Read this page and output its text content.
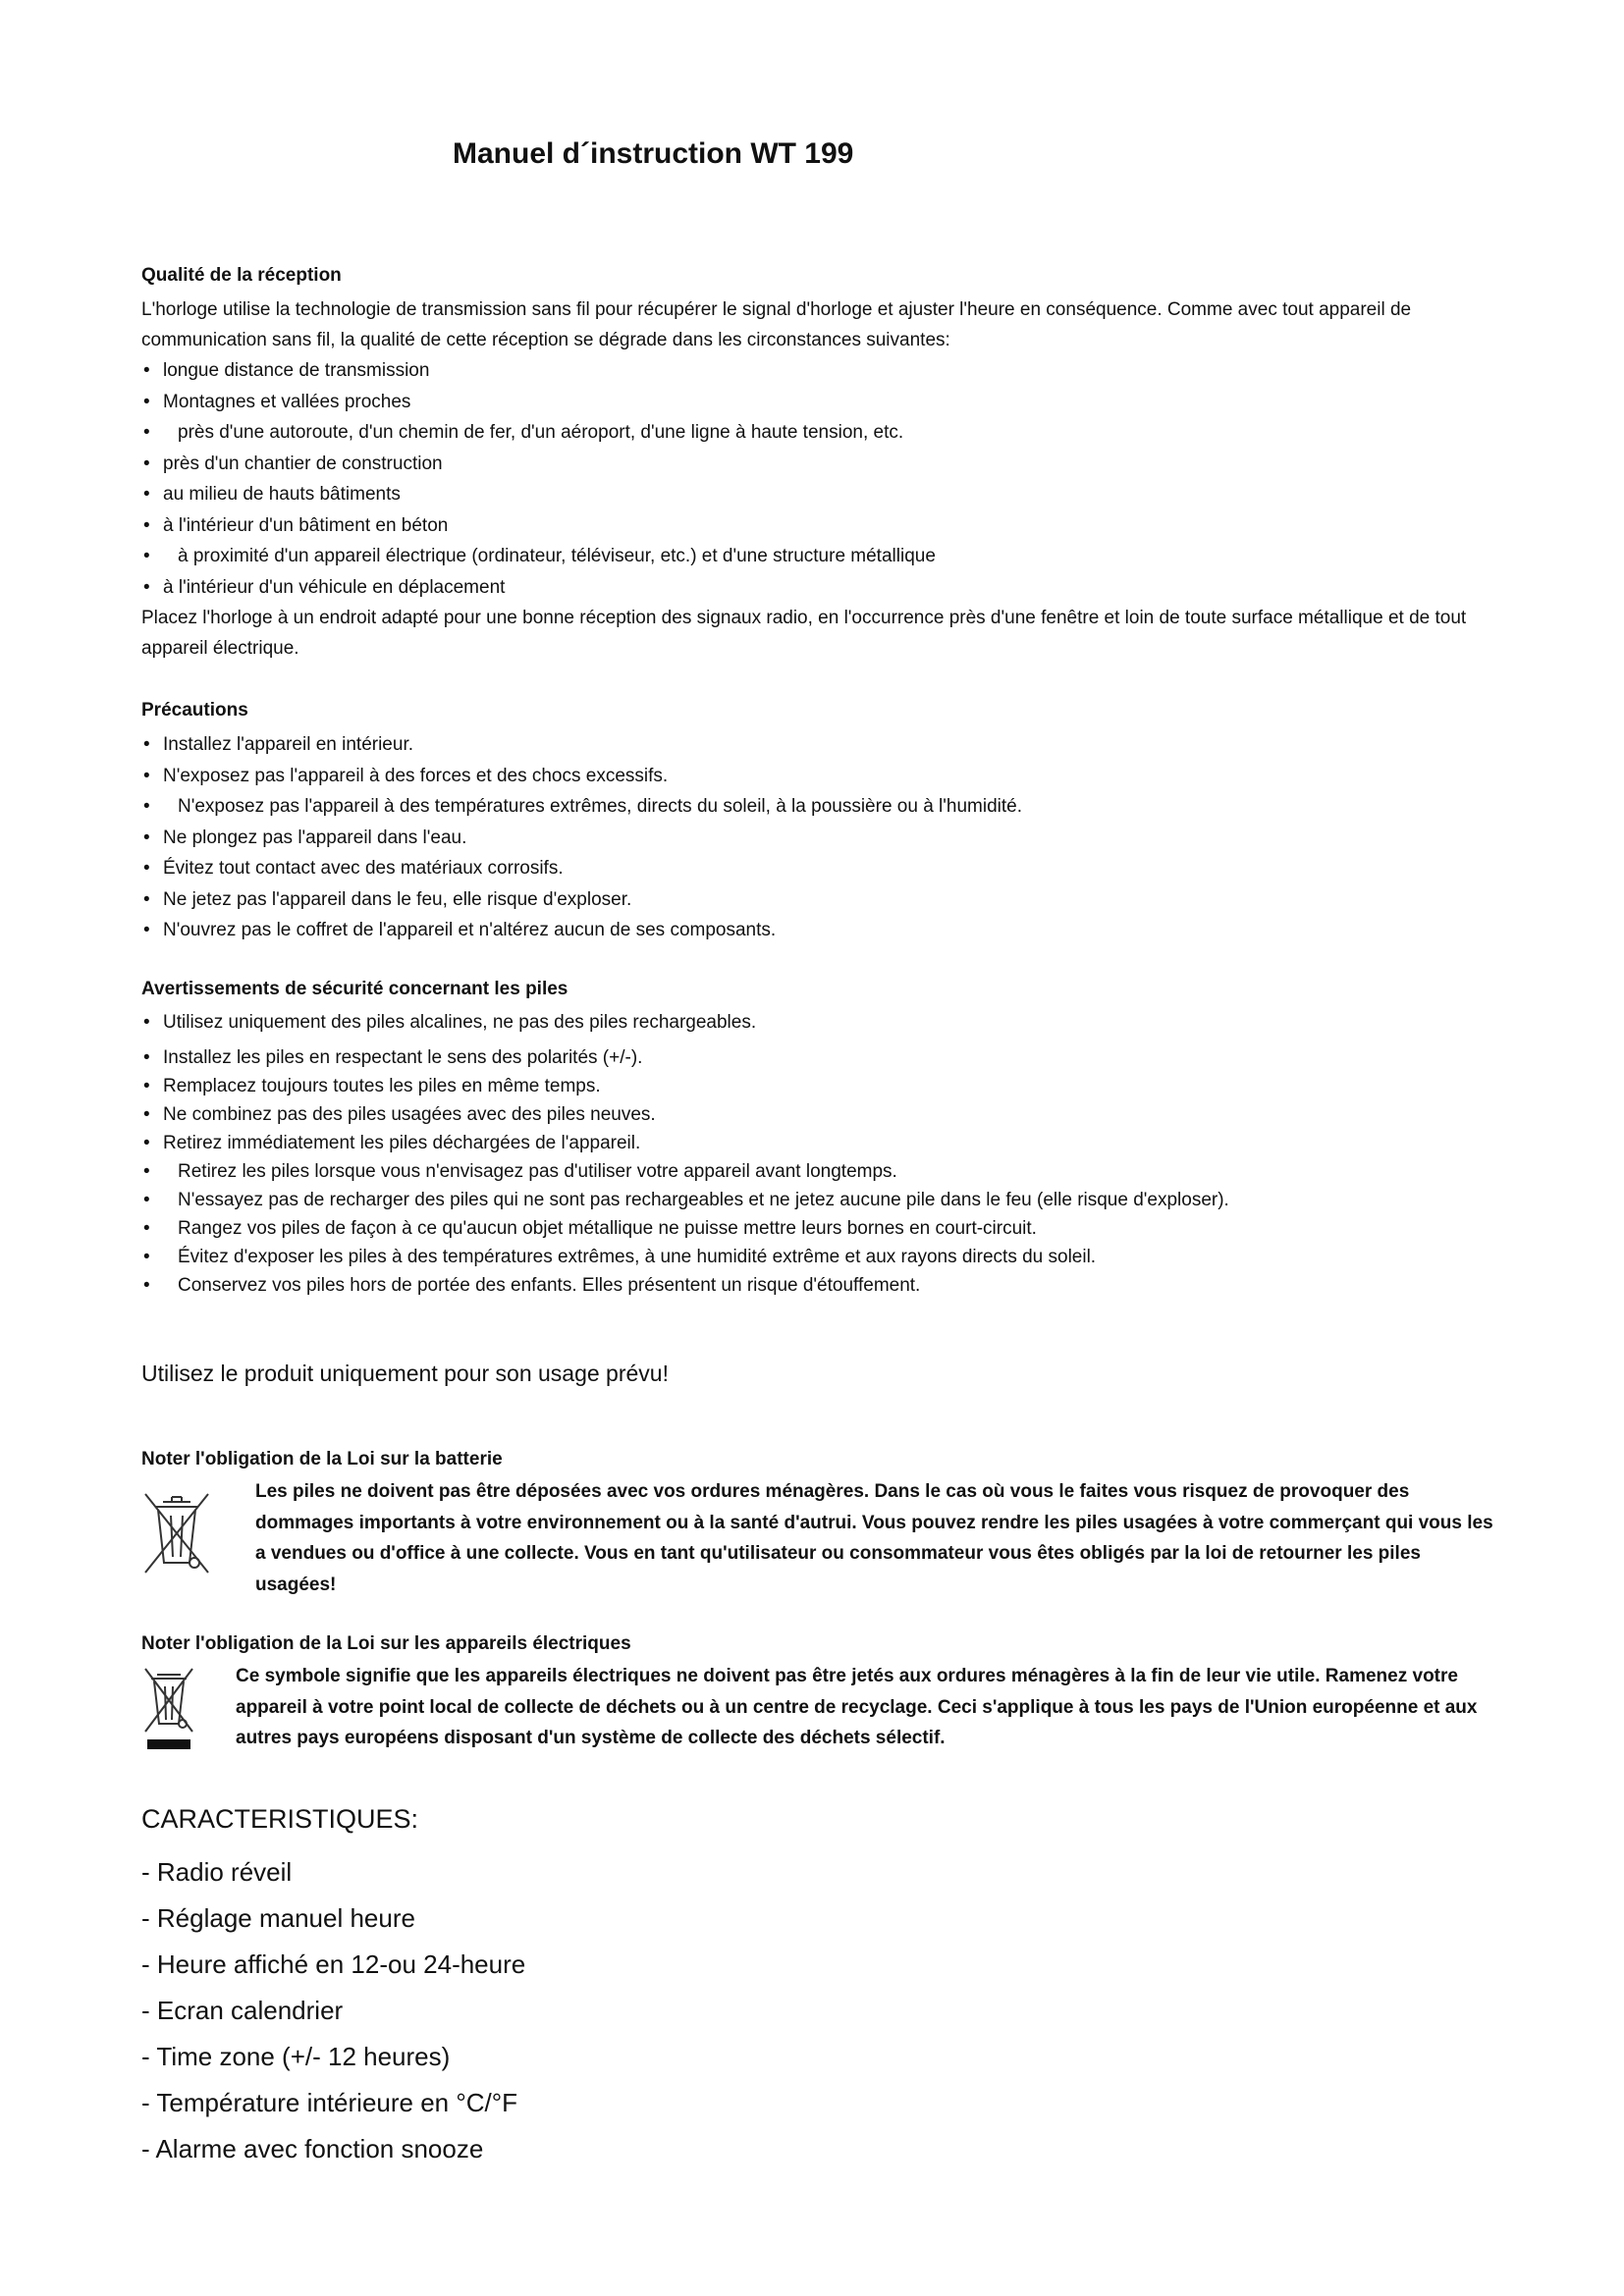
Manuel d´instruction WT 199
Qualité de la réception

L'horloge utilise la technologie de transmission sans fil pour récupérer le signal d'horloge et ajuster l'heure en conséquence. Comme avec tout appareil de communication sans fil, la qualité de cette réception se dégrade dans les circonstances suivantes:

• longue distance de transmission
• Montagnes et vallées proches
• près d'une autoroute, d'un chemin de fer, d'un aéroport, d'une ligne à haute tension, etc.
• près d'un chantier de construction
• au milieu de hauts bâtiments
• à l'intérieur d'un bâtiment en béton
• à proximité d'un appareil électrique (ordinateur, téléviseur, etc.) et d'une structure métallique
• à l'intérieur d'un véhicule en déplacement

Placez l'horloge à un endroit adapté pour une bonne réception des signaux radio, en l'occurrence près d'une fenêtre et loin de toute surface métallique et de tout appareil électrique.

Précautions
• Installez l'appareil en intérieur.
• N'exposez pas l'appareil à des forces et des chocs excessifs.
• N'exposez pas l'appareil à des températures extrêmes, directs du soleil, à la poussière ou à l'humidité.
• Ne plongez pas l'appareil dans l'eau.
• Évitez tout contact avec des matériaux corrosifs.
• Ne jetez pas l'appareil dans le feu, elle risque d'exploser.
• N'ouvrez pas le coffret de l'appareil et n'altérez aucun de ses composants.
Avertissements de sécurité concernant les piles
• Utilisez uniquement des piles alcalines, ne pas des piles rechargeables.
• Installez les piles en respectant le sens des polarités (+/-).
• Remplacez toujours toutes les piles en même temps.
• Ne combinez pas des piles usagées avec des piles neuves.
• Retirez immédiatement les piles déchargées de l'appareil.
• Retirez les piles lorsque vous n'envisagez pas d'utiliser votre appareil avant longtemps.
• N'essayez pas de recharger des piles qui ne sont pas rechargeables et ne jetez aucune pile dans le feu (elle risque d'exploser).
• Rangez vos piles de façon à ce qu'aucun objet métallique ne puisse mettre leurs bornes en court-circuit.
• Évitez d'exposer les piles à des températures extrêmes, à une humidité extrême et aux rayons directs du soleil.
• Conservez vos piles hors de portée des enfants. Elles présentent un risque d'étouffement.

Utilisez le produit uniquement pour son usage prévu!

Noter l'obligation de la Loi sur la batterie

Les piles ne doivent pas être déposées avec vos ordures ménagères. Dans le cas où vous le faites vous risquez de provoquer des dommages importants à votre environnement ou à la santé d'autrui. Vous pouvez rendre les piles usagées à votre commerçant qui vous les a vendues ou d'office à une collecte. Vous en tant qu'utilisateur ou consommateur vous êtes obligés par la loi de retourner les piles usagées!

Noter l'obligation de la Loi sur les appareils électriques

Ce symbole signifie que les appareils électriques ne doivent pas être jetés aux ordures ménagères à la fin de leur vie utile. Ramenez votre appareil à votre point local de collecte de déchets ou à un centre de recyclage. Ceci s'applique à tous les pays de l'Union européenne et aux autres pays européens disposant d'un système de collecte des déchets sélectif.

CARACTERISTIQUES:
- Radio réveil
- Réglage manuel heure
- Heure affiché en 12-ou 24-heure
- Ecran calendrier
- Time zone (+/- 12 heures)
- Température intérieure en °C/°F
- Alarme avec fonction snooze
